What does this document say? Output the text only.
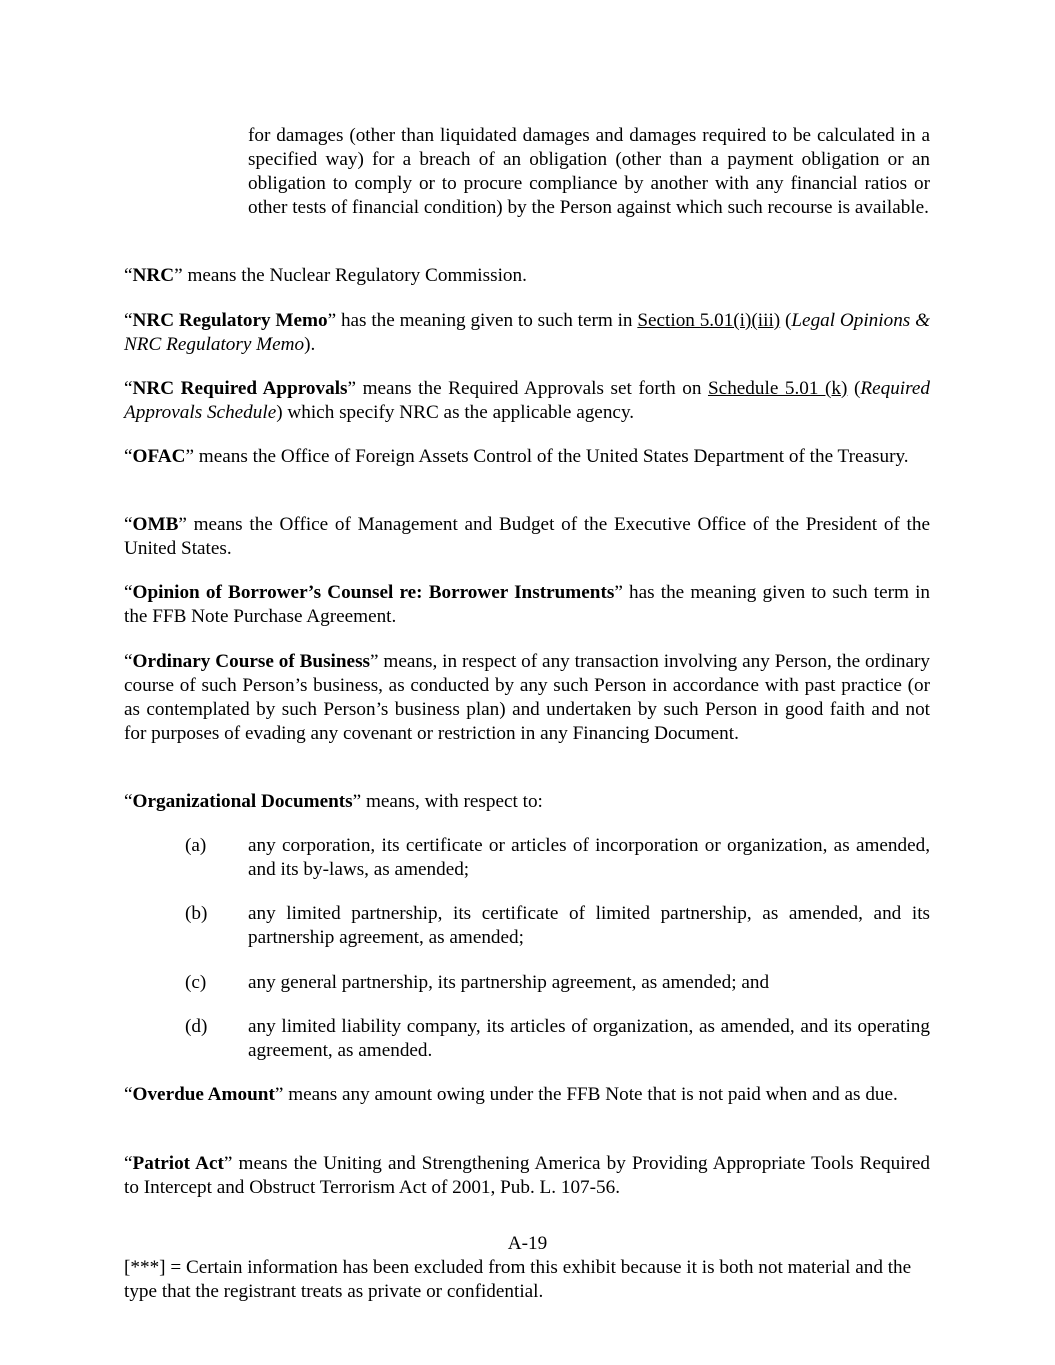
for damages (other than liquidated damages and damages required to be calculated in a specified way) for a breach of an obligation (other than a payment obligation or an obligation to comply or to procure compliance by another with any financial ratios or other tests of financial condition) by the Person against which such recourse is available.

“NRC” means the Nuclear Regulatory Commission.

“NRC Regulatory Memo” has the meaning given to such term in Section 5.01(i)(iii) (Legal Opinions & NRC Regulatory Memo).

“NRC Required Approvals” means the Required Approvals set forth on Schedule 5.01 (k) (Required Approvals Schedule) which specify NRC as the applicable agency.

“OFAC” means the Office of Foreign Assets Control of the United States Department of the Treasury.

“OMB” means the Office of Management and Budget of the Executive Office of the President of the United States.

“Opinion of Borrower’s Counsel re: Borrower Instruments” has the meaning given to such term in the FFB Note Purchase Agreement.

“Ordinary Course of Business” means, in respect of any transaction involving any Person, the ordinary course of such Person’s business, as conducted by any such Person in accordance with past practice (or as contemplated by such Person’s business plan) and undertaken by such Person in good faith and not for purposes of evading any covenant or restriction in any Financing Document.

“Organizational Documents” means, with respect to:

(a) any corporation, its certificate or articles of incorporation or organization, as amended, and its by-laws, as amended;
(b) any limited partnership, its certificate of limited partnership, as amended, and its partnership agreement, as amended;
(c) any general partnership, its partnership agreement, as amended; and
(d) any limited liability company, its articles of organization, as amended, and its operating agreement, as amended.

“Overdue Amount” means any amount owing under the FFB Note that is not paid when and as due.

“Patriot Act” means the Uniting and Strengthening America by Providing Appropriate Tools Required to Intercept and Obstruct Terrorism Act of 2001, Pub. L. 107-56.

A-19

[***] = Certain information has been excluded from this exhibit because it is both not material and the type that the registrant treats as private or confidential.
